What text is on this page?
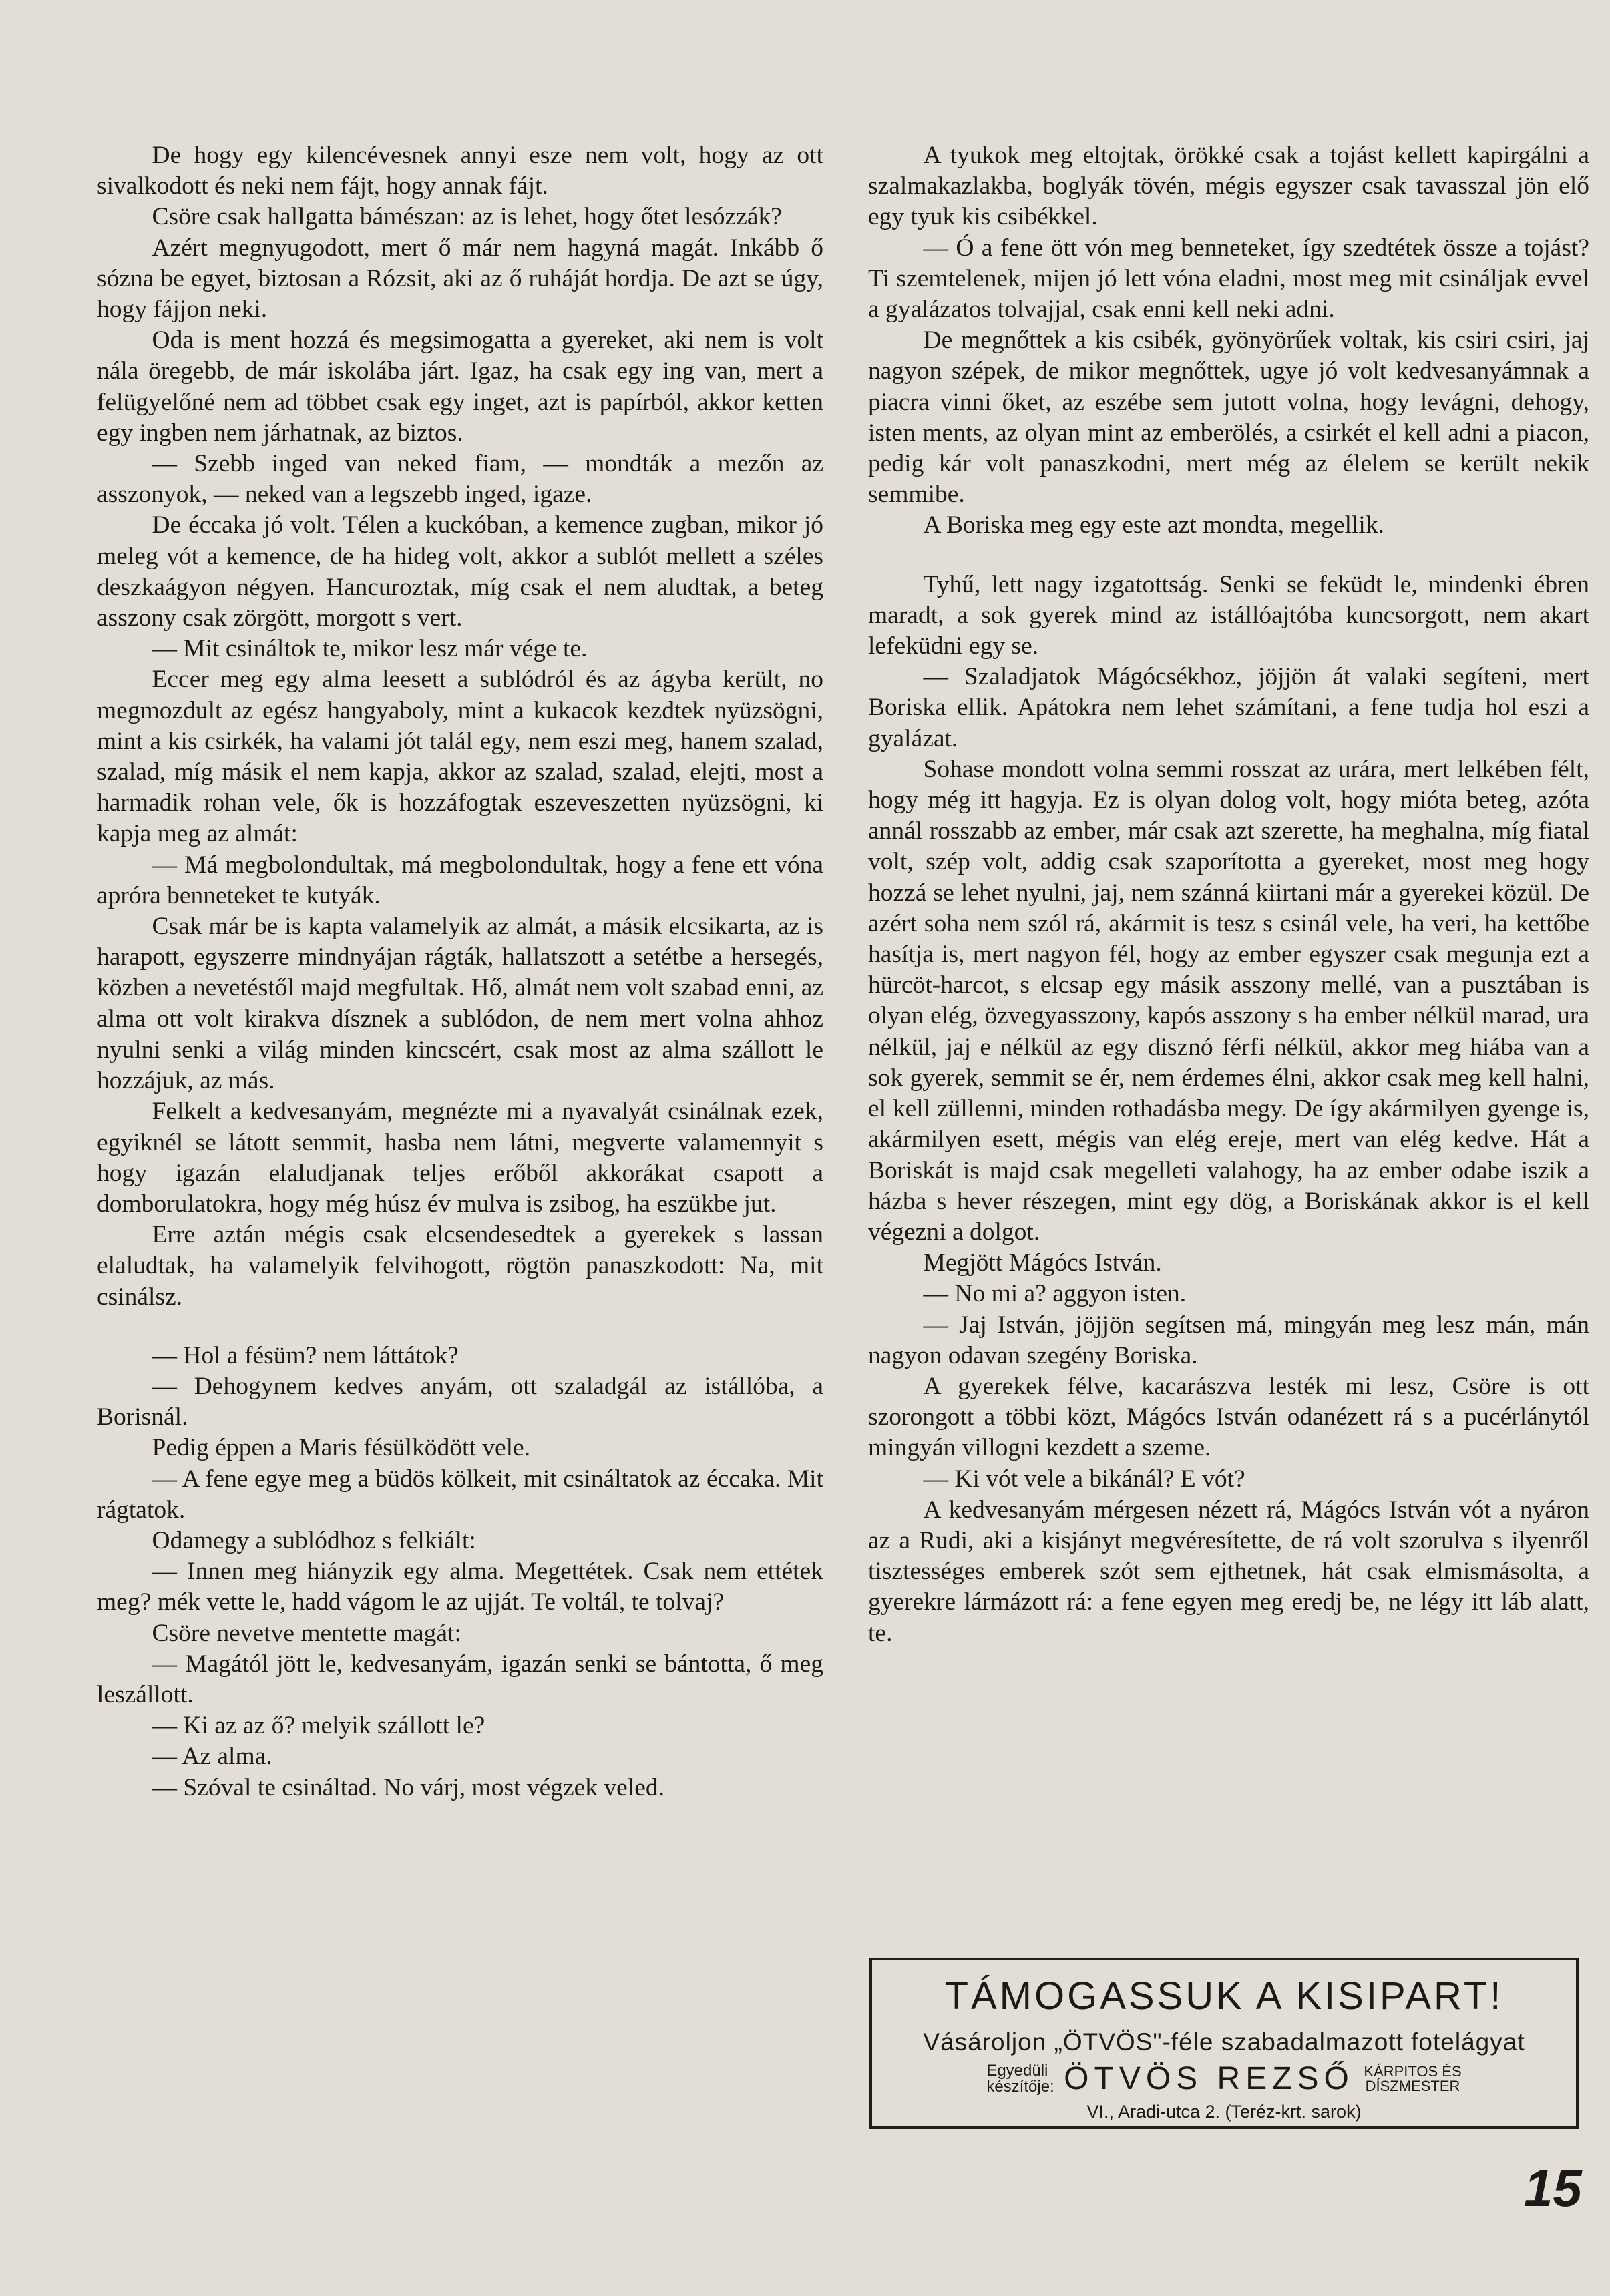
De hogy egy kilencévesnek annyi esze nem volt, hogy az ott sivalkodott és neki nem fájt, hogy annak fájt.

Csöre csak hallgatta bámészan: az is lehet, hogy őtet lesózzák?

Azért megnyugodott, mert ő már nem hagyná magát. Inkább ő sózna be egyet, biztosan a Rózsit, aki az ő ruháját hordja. De azt se úgy, hogy fájjon neki.

Oda is ment hozzá és megsimogatta a gyereket, aki nem is volt nála öregebb, de már iskolába járt. Igaz, ha csak egy ing van, mert a felügyelőné nem ad többet csak egy inget, azt is papírból, akkor ketten egy ingben nem járhatnak, az biztos.

— Szebb inged van neked fiam, — mondták a mezőn az asszonyok, — neked van a legszebb inged, igaze.

De éccaka jó volt. Télen a kuckóban, a kemence zugban, mikor jó meleg vót a kemence, de ha hideg volt, akkor a sublót mellett a széles deszkaágyon négyen. Hancuroztak, míg csak el nem aludtak, a beteg asszony csak zörgött, morgott s vert.

— Mit csináltok te, mikor lesz már vége te.

Eccer meg egy alma leesett a sublódról és az ágyba került, no megmozdult az egész hangyaboly, mint a kukacok kezdtek nyüzsögni, mint a kis csirkék, ha valami jót talál egy, nem eszi meg, hanem szalad, szalad, míg másik el nem kapja, akkor az szalad, szalad, elejti, most a harmadik rohan vele, ők is hozzáfogtak eszeveszetten nyüzsögni, ki kapja meg az almát:

— Má megbolondultak, má megbolondultak, hogy a fene ett vóna apróra benneteket te kutyák.

Csak már be is kapta valamelyik az almát, a másik elcsikarta, az is harapott, egyszerre mindnyájan rágták, hallatszott a setétbe a hersegés, közben a nevetéstől majd megfultak. Hő, almát nem volt szabad enni, az alma ott volt kirakva dísznek a sublódon, de nem mert volna ahhoz nyulni senki a világ minden kincscért, csak most az alma szállott le hozzájuk, az más.

Felkelt a kedvesanyám, megnézte mi a nyavalyát csinálnak ezek, egyiknél se látott semmit, hasba nem látni, megverte valamennyit s hogy igazán elaludjanak teljes erőből akkorákat csapott a domborulatokra, hogy még húsz év mulva is zsibog, ha eszükbe jut.

Erre aztán mégis csak elcsendesedtek a gyerekek s lassan elaludtak, ha valamelyik felvihogott, rögtön panaszkodott: Na, mit csinálsz.

— Hol a fésüm? nem láttátok?

— Dehogynem kedves anyám, ott szaladgál az istállóba, a Borisnál.

Pedig éppen a Maris fésülködött vele.

— A fene egye meg a büdös kölkeit, mit csináltatok az éccaka. Mit rágtatok.

Odamegy a sublódhoz s felkiált:

— Innen meg hiányzik egy alma. Megettétek. Csak nem ettétek meg? mék vette le, hadd vágom le az ujját. Te voltál, te tolvaj?

Csöre nevetve mentette magát:

— Magától jött le, kedvesanyám, igazán senki se bántotta, ő meg leszállott.

— Ki az az ő? melyik szállott le?

— Az alma.

— Szóval te csináltad. No várj, most végzek veled.

A tyukok meg eltojtak, örökké csak a tojást kellett kapirgálni a szalmakazlakba, boglyák tövén, mégis egyszer csak tavasszal jön elő egy tyuk kis csibékkel.

— Ó a fene ött vón meg benneteket, így szedtétek össze a tojást? Ti szemtelenek, mijen jó lett vóna eladni, most meg mit csináljak evvel a gyalázatos tolvajjal, csak enni kell neki adni.

De megnőttek a kis csibék, gyönyörűek voltak, kis csiri csiri, jaj nagyon szépek, de mikor megnőttek, ugye jó volt kedvesanyámnak a piacra vinni őket, az eszébe sem jutott volna, hogy levágni, dehogy, isten ments, az olyan mint az emberölés, a csirkét el kell adni a piacon, pedig kár volt panaszkodni, mert még az élelem se került nekik semmibe.

A Boriska meg egy este azt mondta, megellik.

Tyhű, lett nagy izgatottság. Senki se feküdt le, mindenki ébren maradt, a sok gyerek mind az istállóajtóba kuncsorgott, nem akart lefeküdni egy se.

— Szaladjatok Mágócsékhoz, jöjjön át valaki segíteni, mert Boriska ellik. Apátokra nem lehet számítani, a fene tudja hol eszi a gyalázat.

Sohase mondott volna semmi rosszat az urára, mert lelkében félt, hogy még itt hagyja. Ez is olyan dolog volt, hogy mióta beteg, azóta annál rosszabb az ember, már csak azt szerette, ha meghalna, míg fiatal volt, szép volt, addig csak szaporította a gyereket, most meg hogy hozzá se lehet nyulni, jaj, nem szánná kiirtani már a gyerekei közül. De azért soha nem szól rá, akármit is tesz s csinál vele, ha veri, ha kettőbe hasítja is, mert nagyon fél, hogy az ember egyszer csak megunja ezt a hürcöt-harcot, s elcsap egy másik asszony mellé, van a pusztában is olyan elég, özvegyasszony, kapós asszony s ha ember nélkül marad, ura nélkül, jaj e nélkül az egy disznó férfi nélkül, akkor meg hiába van a sok gyerek, semmit se ér, nem érdemes élni, akkor csak meg kell halni, el kell züllenni, minden rothadásba megy. De így akármilyen gyenge is, akármilyen esett, mégis van elég ereje, mert van elég kedve. Hát a Boriskát is majd csak megelleti valahogy, ha az ember odabe iszik a házba s hever részegen, mint egy dög, a Boriskának akkor is el kell végezni a dolgot.

Megjött Mágócs István.

— No mi a? aggyon isten.

— Jaj István, jöjjön segítsen má, mingyán meg lesz mán, mán nagyon odavan szegény Boriska.

A gyerekek félve, kacarászva lesték mi lesz, Csöre is ott szorongott a többi közt, Mágócs István odanézett rá s a pucérlánytól mingyán villogni kezdett a szeme.

— Ki vót vele a bikánál? E vót?

A kedvesanyám mérgesen nézett rá, Mágócs István vót a nyáron az a Rudi, aki a kisjányt megvéresítette, de rá volt szorulva s ilyenről tisztességes emberek szót sem ejthetnek, hát csak elmismásolta, a gyerekre lármázott rá: a fene egyen meg eredj be, ne légy itt láb alatt, te.

TÁMOGASSUK A KISIPART!
Vásároljon „ÖTVÖS"-féle szabadalmazott fotelágyat
Egyedüli
készítője: ÖTVÖS REZSŐ KÁRPITOS ÉS
DÍSZMESTER
VI., Aradi-utca 2. (Teréz-krt. sarok)
15
